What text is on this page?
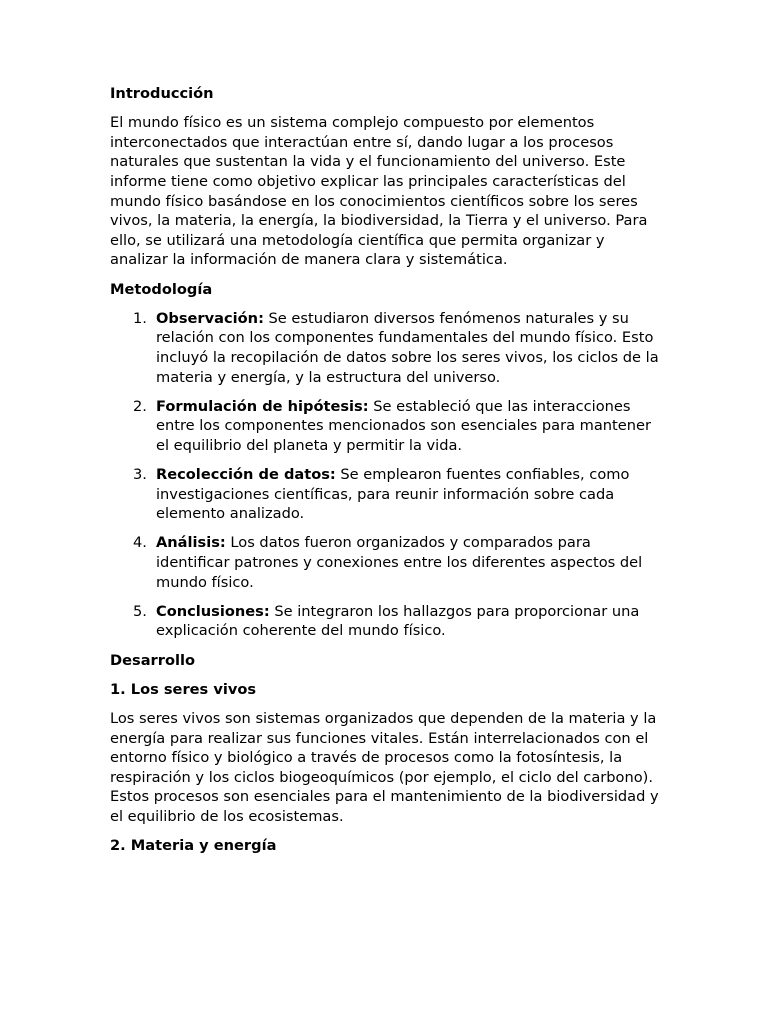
Introducción

El mundo físico es un sistema complejo compuesto por elementos interconectados que interactúan entre sí, dando lugar a los procesos naturales que sustentan la vida y el funcionamiento del universo. Este informe tiene como objetivo explicar las principales características del mundo físico basándose en los conocimientos científicos sobre los seres vivos, la materia, la energía, la biodiversidad, la Tierra y el universo. Para ello, se utilizará una metodología científica que permita organizar y analizar la información de manera clara y sistemática.

Metodología
1. Observación: Se estudiaron diversos fenómenos naturales y su relación con los componentes fundamentales del mundo físico. Esto incluyó la recopilación de datos sobre los seres vivos, los ciclos de la materia y energía, y la estructura del universo.
2. Formulación de hipótesis: Se estableció que las interacciones entre los componentes mencionados son esenciales para mantener el equilibrio del planeta y permitir la vida.
3. Recolección de datos: Se emplearon fuentes confiables, como investigaciones científicas, para reunir información sobre cada elemento analizado.
4. Análisis: Los datos fueron organizados y comparados para identificar patrones y conexiones entre los diferentes aspectos del mundo físico.
5. Conclusiones: Se integraron los hallazgos para proporcionar una explicación coherente del mundo físico.
Desarrollo
1. Los seres vivos

Los seres vivos son sistemas organizados que dependen de la materia y la energía para realizar sus funciones vitales. Están interrelacionados con el entorno físico y biológico a través de procesos como la fotosíntesis, la respiración y los ciclos biogeoquímicos (por ejemplo, el ciclo del carbono). Estos procesos son esenciales para el mantenimiento de la biodiversidad y el equilibrio de los ecosistemas.

2. Materia y energía
